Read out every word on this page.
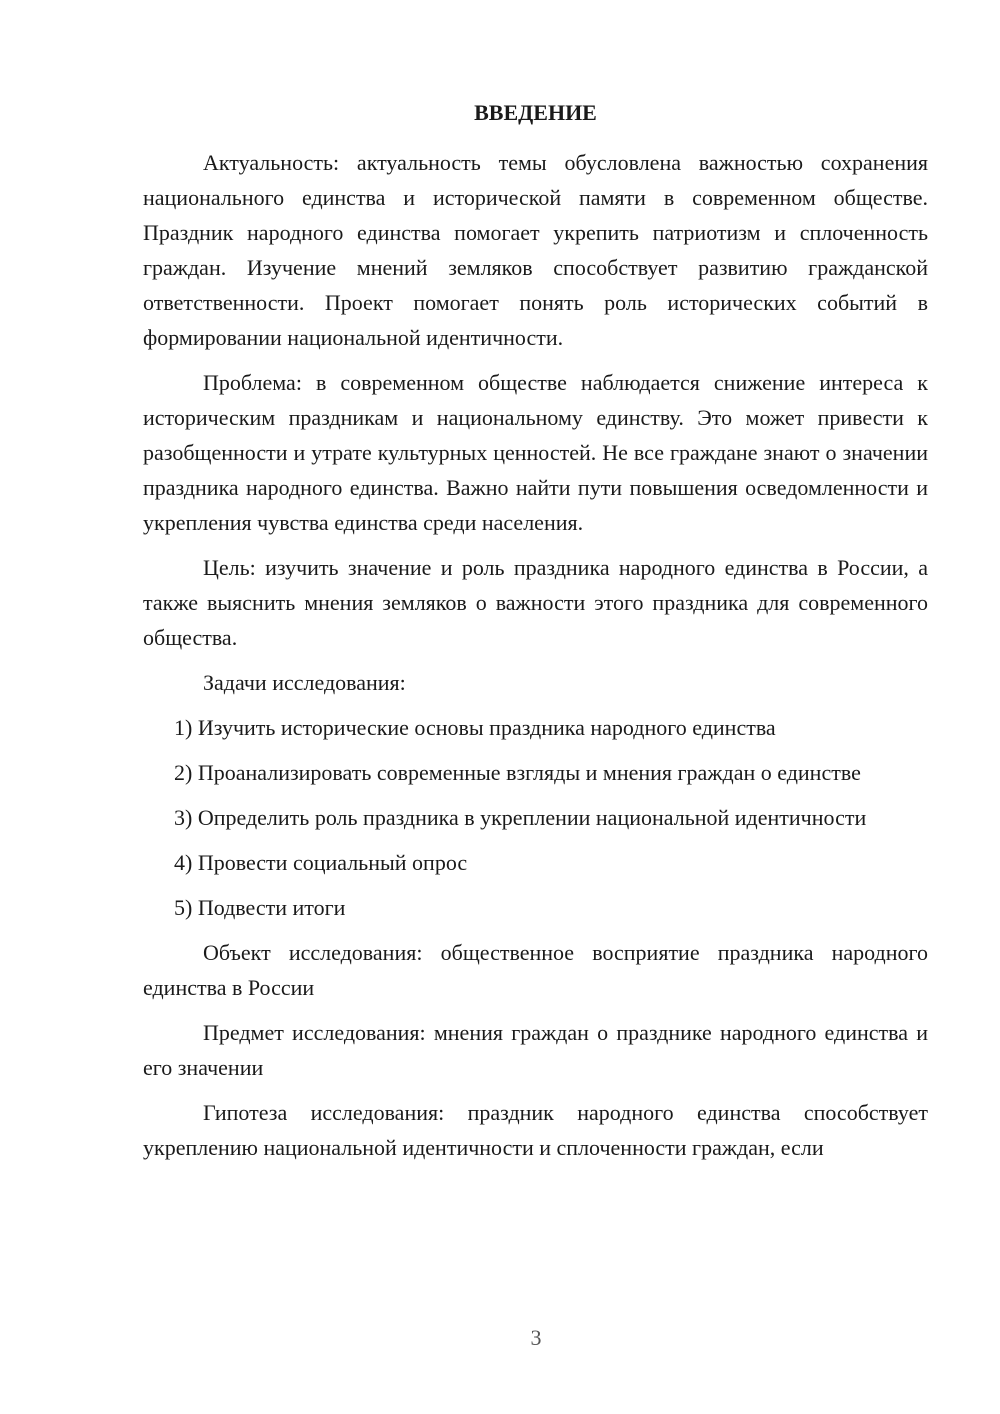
ВВЕДЕНИЕ

Актуальность: актуальность темы обусловлена важностью сохранения национального единства и исторической памяти в современном обществе. Праздник народного единства помогает укрепить патриотизм и сплоченность граждан. Изучение мнений земляков способствует развитию гражданской ответственности. Проект помогает понять роль исторических событий в формировании национальной идентичности.

Проблема: в современном обществе наблюдается снижение интереса к историческим праздникам и национальному единству. Это может привести к разобщенности и утрате культурных ценностей. Не все граждане знают о значении праздника народного единства. Важно найти пути повышения осведомленности и укрепления чувства единства среди населения.

Цель: изучить значение и роль праздника народного единства в России, а также выяснить мнения земляков о важности этого праздника для современного общества.

Задачи исследования:

1) Изучить исторические основы праздника народного единства

2) Проанализировать современные взгляды и мнения граждан о единстве

3) Определить роль праздника в укреплении национальной идентичности

4) Провести социальный опрос

5) Подвести итоги

Объект исследования: общественное восприятие праздника народного единства в России

Предмет исследования: мнения граждан о празднике народного единства и его значении

Гипотеза исследования: праздник народного единства способствует укреплению национальной идентичности и сплоченности граждан, если

3
